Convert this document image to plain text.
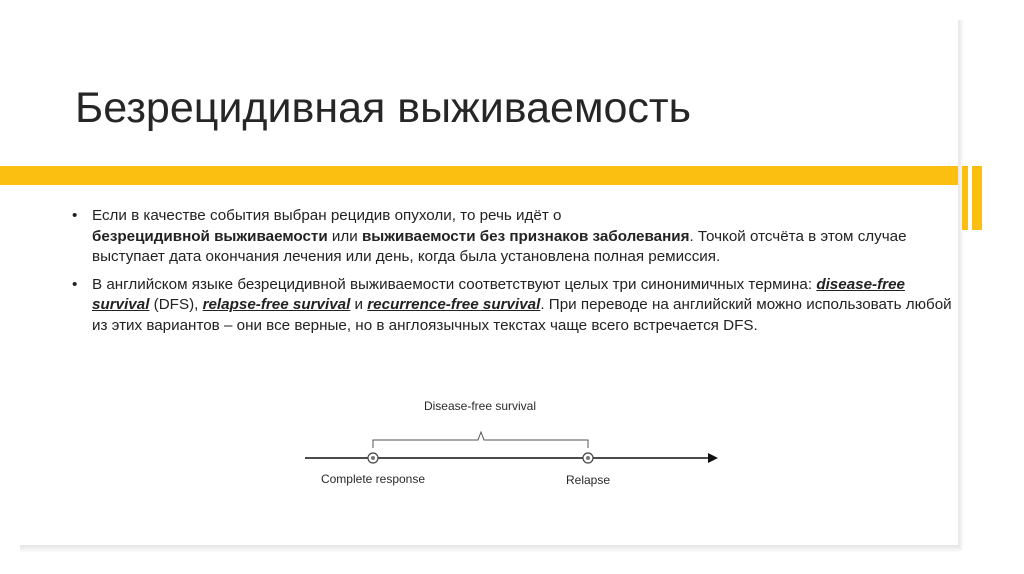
Безрецидивная выживаемость
• Если в качестве события выбран рецидив опухоли, то речь идёт о
безрецидивной выживаемости или выживаемости без признаков заболевания. Точкой отсчёта в этом случае выступает дата окончания лечения или день, когда была установлена полная ремиссия.
• В английском языке безрецидивной выживаемости соответствуют целых три синонимичных термина: disease-free survival (DFS), relapse-free survival и recurrence-free survival. При переводе на английский можно использовать любой из этих вариантов – они все верные, но в англоязычных текстах чаще всего встречается DFS.
Disease-free survival
Complete response	Relapse
